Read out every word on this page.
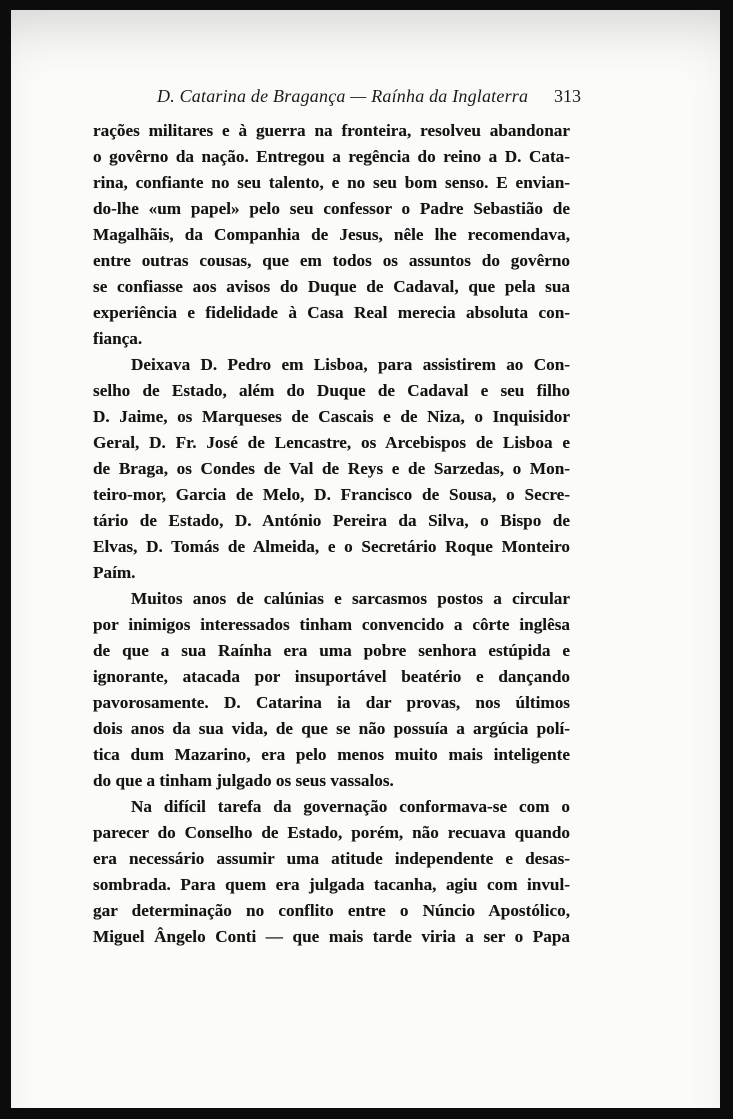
D. Catarina de Bragança — Raínha da Inglaterra 313
rações militares e à guerra na fronteira, resolveu abandonar
o govêrno da nação. Entregou a regência do reino a D. Cata-
rina, confiante no seu talento, e no seu bom senso. E envian-
do-lhe «um papel» pelo seu confessor o Padre Sebastião de
Magalhãis, da Companhia de Jesus, nêle lhe recomendava,
entre outras cousas, que em todos os assuntos do govêrno
se confiasse aos avisos do Duque de Cadaval, que pela sua
experiência e fidelidade à Casa Real merecia absoluta con-
fiança.
Deixava D. Pedro em Lisboa, para assistirem ao Con-
selho de Estado, além do Duque de Cadaval e seu filho
D. Jaime, os Marqueses de Cascais e de Niza, o Inquisidor
Geral, D. Fr. José de Lencastre, os Arcebispos de Lisboa e
de Braga, os Condes de Val de Reys e de Sarzedas, o Mon-
teiro-mor, Garcia de Melo, D. Francisco de Sousa, o Secre-
tário de Estado, D. António Pereira da Silva, o Bispo de
Elvas, D. Tomás de Almeida, e o Secretário Roque Monteiro
Paím.
Muitos anos de calúnias e sarcasmos postos a circular
por inimigos interessados tinham convencido a côrte inglêsa
de que a sua Raínha era uma pobre senhora estúpida e
ignorante, atacada por insuportável beatério e dançando
pavorosamente. D. Catarina ia dar provas, nos últimos
dois anos da sua vida, de que se não possuía a argúcia polí-
tica dum Mazarino, era pelo menos muito mais inteligente
do que a tinham julgado os seus vassalos.
Na difícil tarefa da governação conformava-se com o
parecer do Conselho de Estado, porém, não recuava quando
era necessário assumir uma atitude independente e desas-
sombrada. Para quem era julgada tacanha, agiu com invul-
gar determinação no conflito entre o Núncio Apostólico,
Miguel Ângelo Conti — que mais tarde viria a ser o Papa
